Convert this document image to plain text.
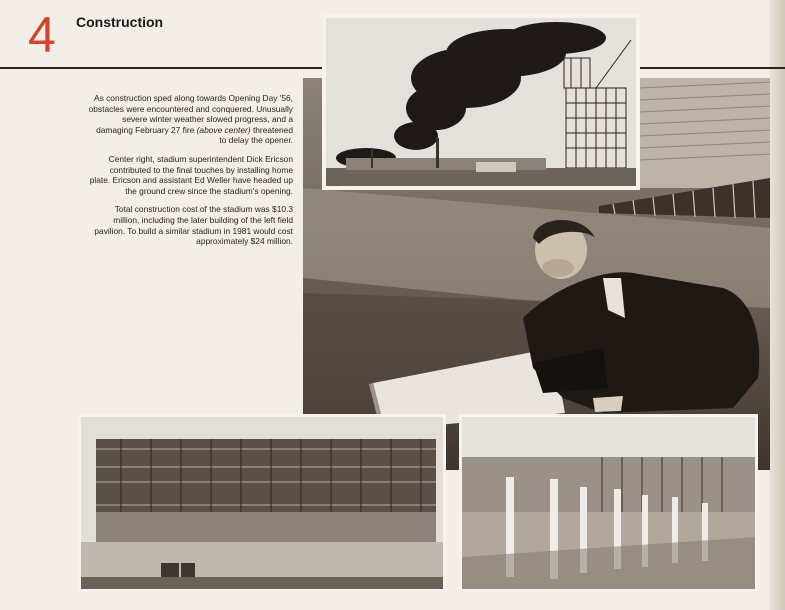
4 Construction

As construction sped along towards Opening Day '56, obstacles were encountered and conquered. Unusually severe winter weather slowed progress, and a damaging February 27 fire (above center) threatened to delay the opener.

Center right, stadium superintendent Dick Ericson contributed to the final touches by installing home plate. Ericson and assistant Ed Weller have headed up the ground crew since the stadium's opening.

Total construction cost of the stadium was $10.3 million, including the later building of the left field pavilion. To build a similar stadium in 1981 would cost approximately $24 million.
